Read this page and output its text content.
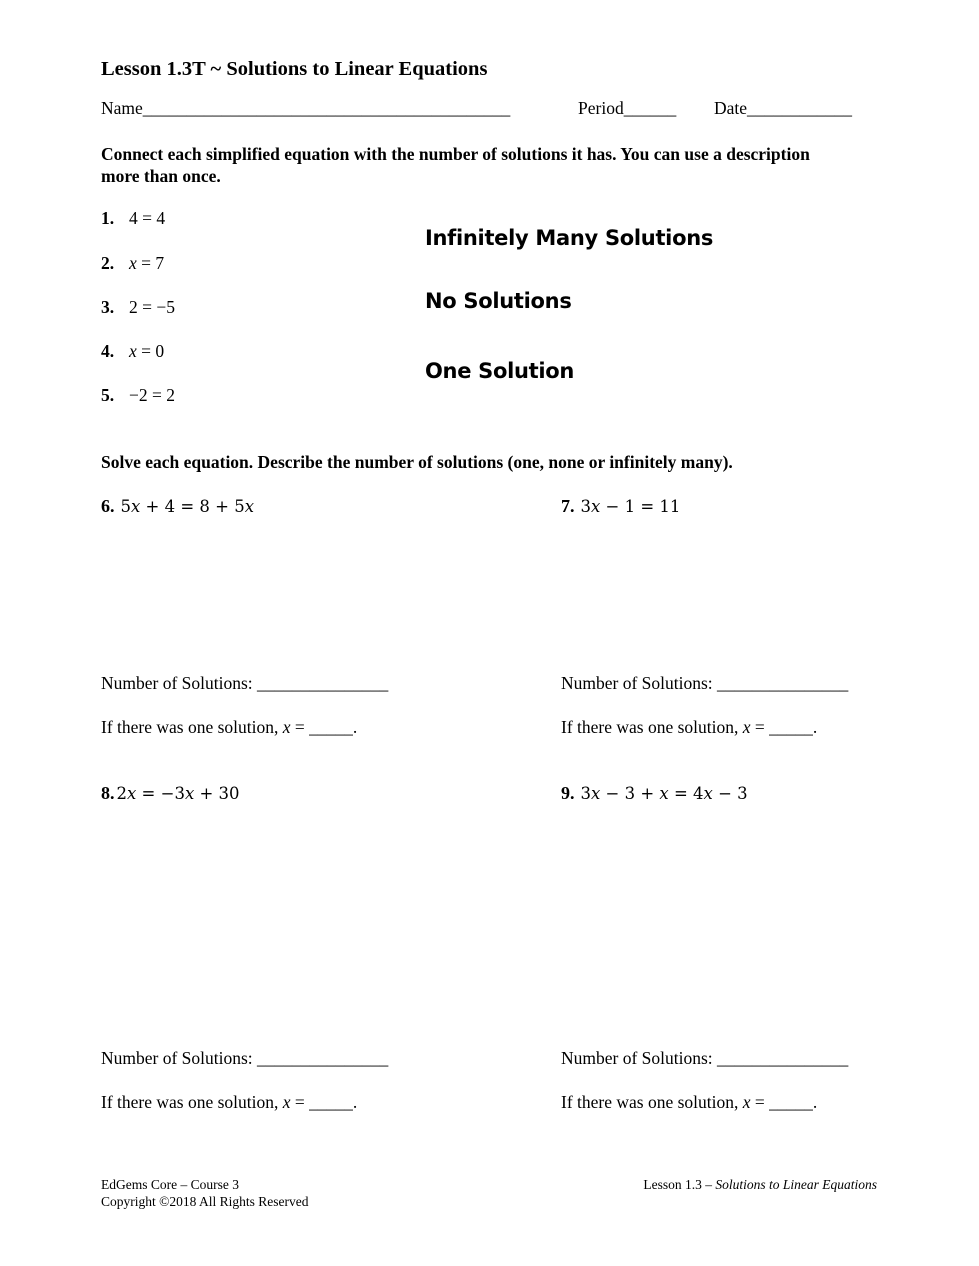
Lesson 1.3T ~ Solutions to Linear Equations
Name__________________________________________	Period______ Date____________
Connect each simplified equation with the number of solutions it has. You can use a description more than once.
1. 4 = 4
2. x = 7
3. 2 = −5
4. x = 0
5. −2 = 2
Infinitely Many Solutions
No Solutions
One Solution
Solve each equation. Describe the number of solutions (one, none or infinitely many).
6. 5𝑥 + 4 = 8 + 5𝑥	7. 3𝑥 − 1 = 11
Number of Solutions: _______________	Number of Solutions: _______________
If there was one solution, x = _____.	If there was one solution, x = _____.
8. 2𝑥 = −3𝑥 + 30	9. 3𝑥 − 3 + 𝑥 = 4𝑥 − 3
Number of Solutions: _______________	Number of Solutions: _______________
If there was one solution, x = _____.	If there was one solution, x = _____.
EdGems Core – Course 3
Copyright ©2018 All Rights Reserved
Lesson 1.3 – Solutions to Linear Equations
